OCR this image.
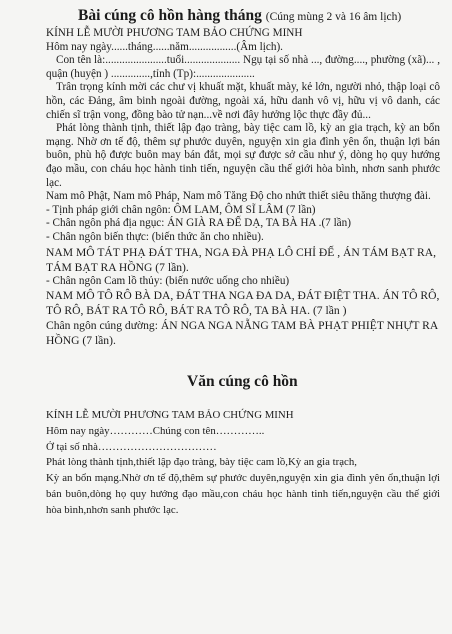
Bài cúng cô hồn hàng tháng (Cúng mùng 2 và 16 âm lịch)

KÍNH LỄ MƯỜI PHƯƠNG TAM BẢO CHỨNG MINH

Hôm nay ngày......tháng......năm.................(Âm lịch).

Con tên là:......................tuổi.................... Ngụ tại số nhà ..., đường...., phường (xã)... , quận (huyện ) ..............,tỉnh (Tp):.....................

Trân trọng kính mời các chư vị khuất mặt, khuất mày, kẻ lớn, người nhỏ, thập loại cô hồn, các Đảng, âm binh ngoài đường, ngoài xá, hữu danh vô vị, hữu vị vô danh, các chiến sĩ trận vong, đồng bào tử nạn...về nơi đây hưởng lộc thực đầy đủ...

Phát lòng thành tịnh, thiết lập đạo tràng, bày tiệc cam lồ, kỳ an gia trạch, kỳ an bổn mạng. Nhờ ơn tế độ, thêm sự phước duyên, nguyện xin gia đình yên ổn, thuận lợi bán buôn, phù hộ được buôn may bán đắt, mọi sự được sở cầu như ý, dòng họ quy hướng đạo mầu, con cháu học hành tinh tiến, nguyện cầu thế giới hòa bình, nhơn sanh phước lạc.

Nam mô Phật, Nam mô Pháp, Nam mô Tăng Độ cho nhứt thiết siêu thăng thượng đài.

- Tịnh pháp giới chân ngôn: ÔM LAM, ÔM SĨ LÂM (7 lần)

- Chân ngôn phá địa ngục: ÁN GIÀ RA ĐẾ DẠ, TA BÀ HA .(7 lần)

- Chân ngôn biến thực: (biến thức ăn cho nhiều).

NAM MÔ TÁT PHẠ ĐÁT THA, NGA ĐÀ PHẠ LÔ CHỈ ĐẾ , ÁN TÁM BẠT RA, TÁM BẠT RA HỒNG (7 lần).

- Chân ngôn Cam lồ thủy: (biến nước uống cho nhiều)

NAM MÔ TÔ RÔ BÀ DA, ĐÁT THA NGA ĐA DA, ĐÁT ĐIỆT THA. ÁN TÔ RÔ, TÔ RÔ, BÁT RA TÔ RÔ, BÁT RA TÔ RÔ, TA BÀ HA. (7 lần )

Chân ngôn cúng dường: ÁN NGA NGA NẴNG TAM BÀ PHẠT PHIỆT NHỰT RA HỒNG (7 lần).

Văn cúng cô hồn

KÍNH LỄ MƯỜI PHƯƠNG TAM BẢO CHỨNG MINH

Hôm nay ngày…………Chúng con tên…………..

Ở tại số nhà……………………………

Phát lòng thành tịnh,thiết lập đạo tràng, bày tiệc cam lồ,Kỳ an gia trạch,

Kỳ an bổn mạng.Nhờ ơn tế độ,thêm sự phước duyên,nguyện xin gia đình yên ổn,thuận lợi bán buôn,dòng họ quy hướng đạo mầu,con cháu học hành tinh tiến,nguyện cầu thế giới hòa bình,nhơn sanh phước lạc.
